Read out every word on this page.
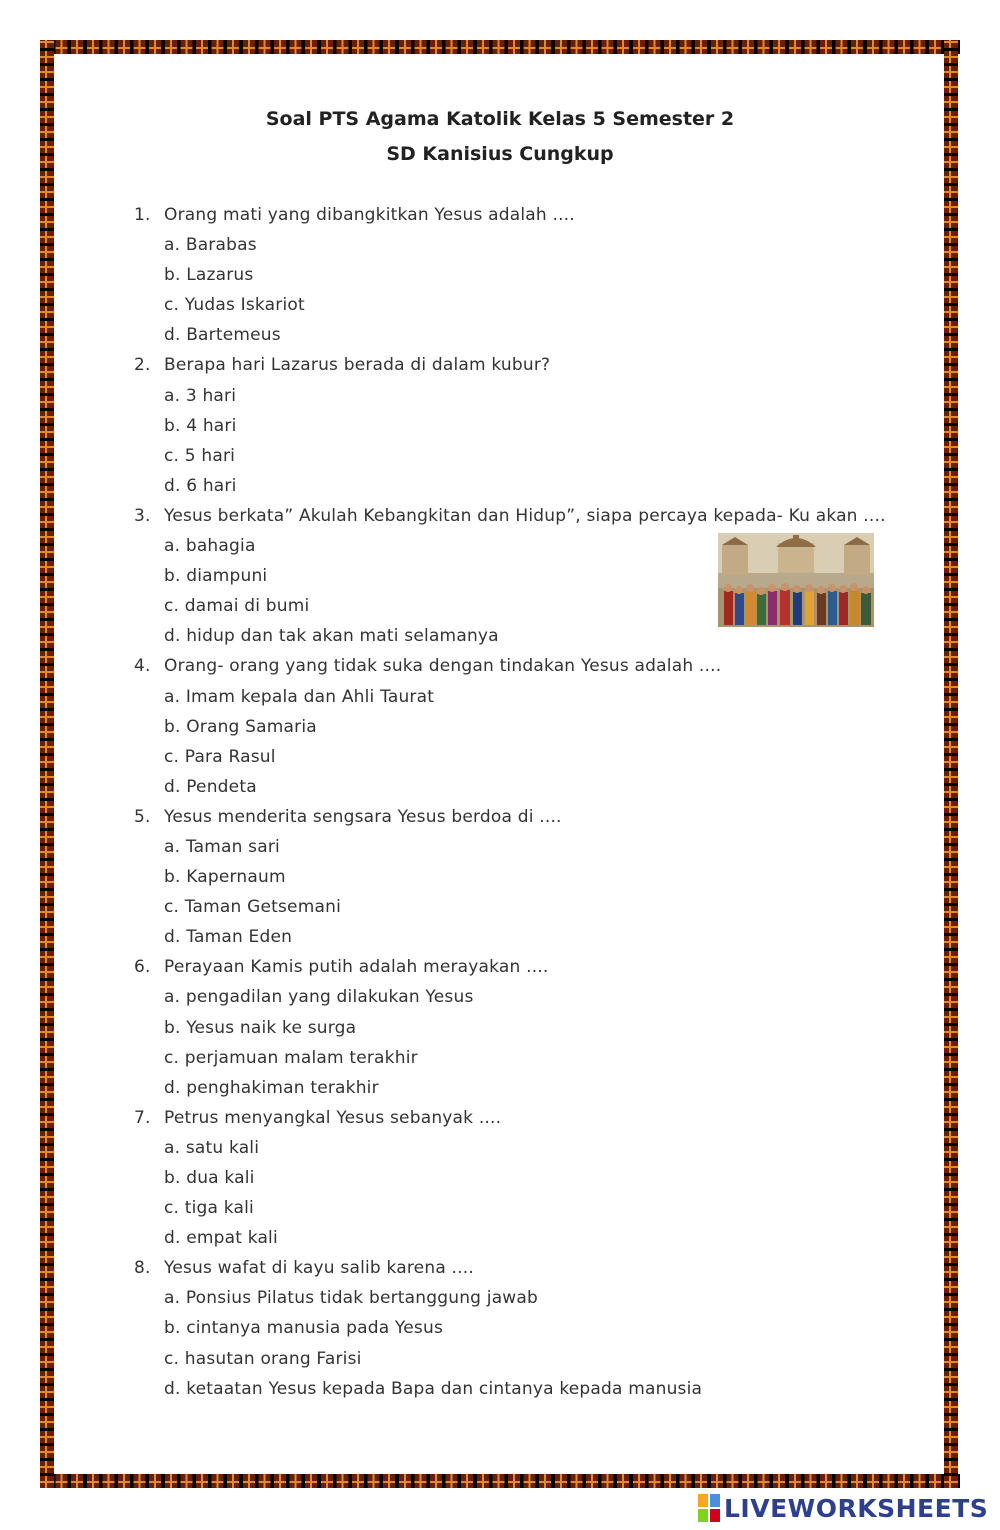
Soal PTS Agama Katolik Kelas 5 Semester 2
SD Kanisius Cungkup
1. Orang mati yang dibangkitkan Yesus adalah ....
a. Barabas
b. Lazarus
c. Yudas Iskariot
d. Bartemeus
2. Berapa hari Lazarus berada di dalam kubur?
a. 3 hari
b. 4 hari
c. 5 hari
d. 6 hari
3. Yesus berkata” Akulah Kebangkitan dan Hidup”, siapa percaya kepada- Ku akan ....
a. bahagia
b. diampuni
c. damai di bumi
d. hidup dan tak akan mati selamanya
4. Orang- orang yang tidak suka dengan tindakan Yesus adalah ....
a. Imam kepala dan Ahli Taurat
b. Orang Samaria
c. Para Rasul
d. Pendeta
5. Yesus menderita sengsara Yesus berdoa di ....
a. Taman sari
b. Kapernaum
c. Taman Getsemani
d. Taman Eden
6. Perayaan Kamis putih adalah merayakan ....
a. pengadilan yang dilakukan Yesus
b. Yesus naik ke surga
c. perjamuan malam terakhir
d. penghakiman terakhir
7. Petrus menyangkal Yesus sebanyak ....
a. satu kali
b. dua kali
c. tiga kali
d. empat kali
8. Yesus wafat di kayu salib karena ....
a. Ponsius Pilatus tidak bertanggung jawab
b. cintanya manusia pada Yesus
c. hasutan orang Farisi
d. ketaatan Yesus kepada Bapa dan cintanya kepada manusia
LIVEWORKSHEETS
